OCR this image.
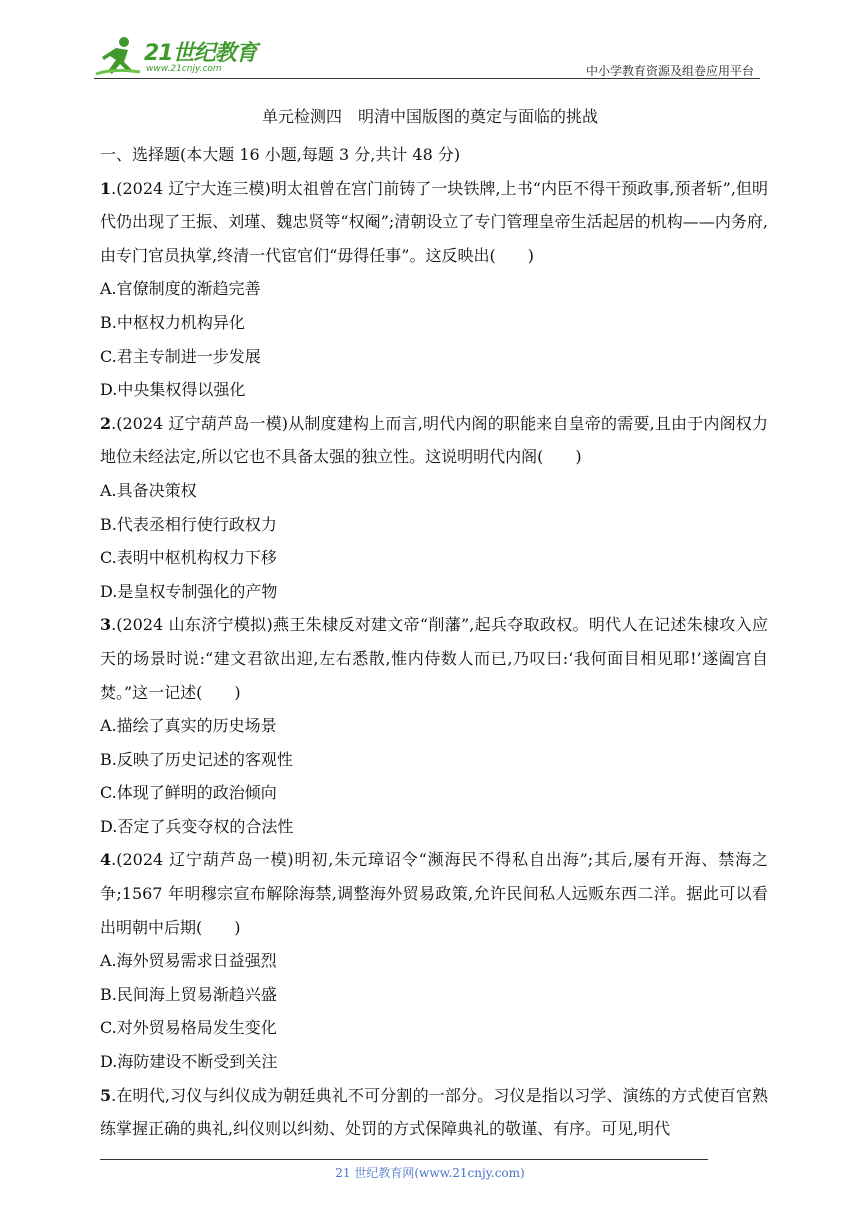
21世纪教育
www.21cnjy.com	中小学教育资源及组卷应用平台
单元检测四　明清中国版图的奠定与面临的挑战

一、选择题(本大题 16 小题,每题 3 分,共计 48 分)

1.(2024 辽宁大连三模)明太祖曾在宫门前铸了一块铁牌,上书“内臣不得干预政事,预者斩”,但明代仍出现了王振、刘瑾、魏忠贤等“权阉”;清朝设立了专门管理皇帝生活起居的机构——内务府,由专门官员执掌,终清一代宦官们“毋得任事”。这反映出(　　)

A.官僚制度的渐趋完善

B.中枢权力机构异化

C.君主专制进一步发展

D.中央集权得以强化

2.(2024 辽宁葫芦岛一模)从制度建构上而言,明代内阁的职能来自皇帝的需要,且由于内阁权力地位未经法定,所以它也不具备太强的独立性。这说明明代内阁(　　)

A.具备决策权

B.代表丞相行使行政权力

C.表明中枢机构权力下移

D.是皇权专制强化的产物

3.(2024 山东济宁模拟)燕王朱棣反对建文帝“削藩”,起兵夺取政权。明代人在记述朱棣攻入应天的场景时说:“建文君欲出迎,左右悉散,惟内侍数人而已,乃叹曰:‘我何面目相见耶!’遂阖宫自焚。”这一记述(　　)

A.描绘了真实的历史场景

B.反映了历史记述的客观性

C.体现了鲜明的政治倾向

D.否定了兵变夺权的合法性

4.(2024 辽宁葫芦岛一模)明初,朱元璋诏令“濒海民不得私自出海”;其后,屡有开海、禁海之争;1567 年明穆宗宣布解除海禁,调整海外贸易政策,允许民间私人远贩东西二洋。据此可以看出明朝中后期(　　)

A.海外贸易需求日益强烈

B.民间海上贸易渐趋兴盛

C.对外贸易格局发生变化

D.海防建设不断受到关注

5.在明代,习仪与纠仪成为朝廷典礼不可分割的一部分。习仪是指以习学、演练的方式使百官熟练掌握正确的典礼,纠仪则以纠劾、处罚的方式保障典礼的敬谨、有序。可见,明代

21 世纪教育网(www.21cnjy.com)
